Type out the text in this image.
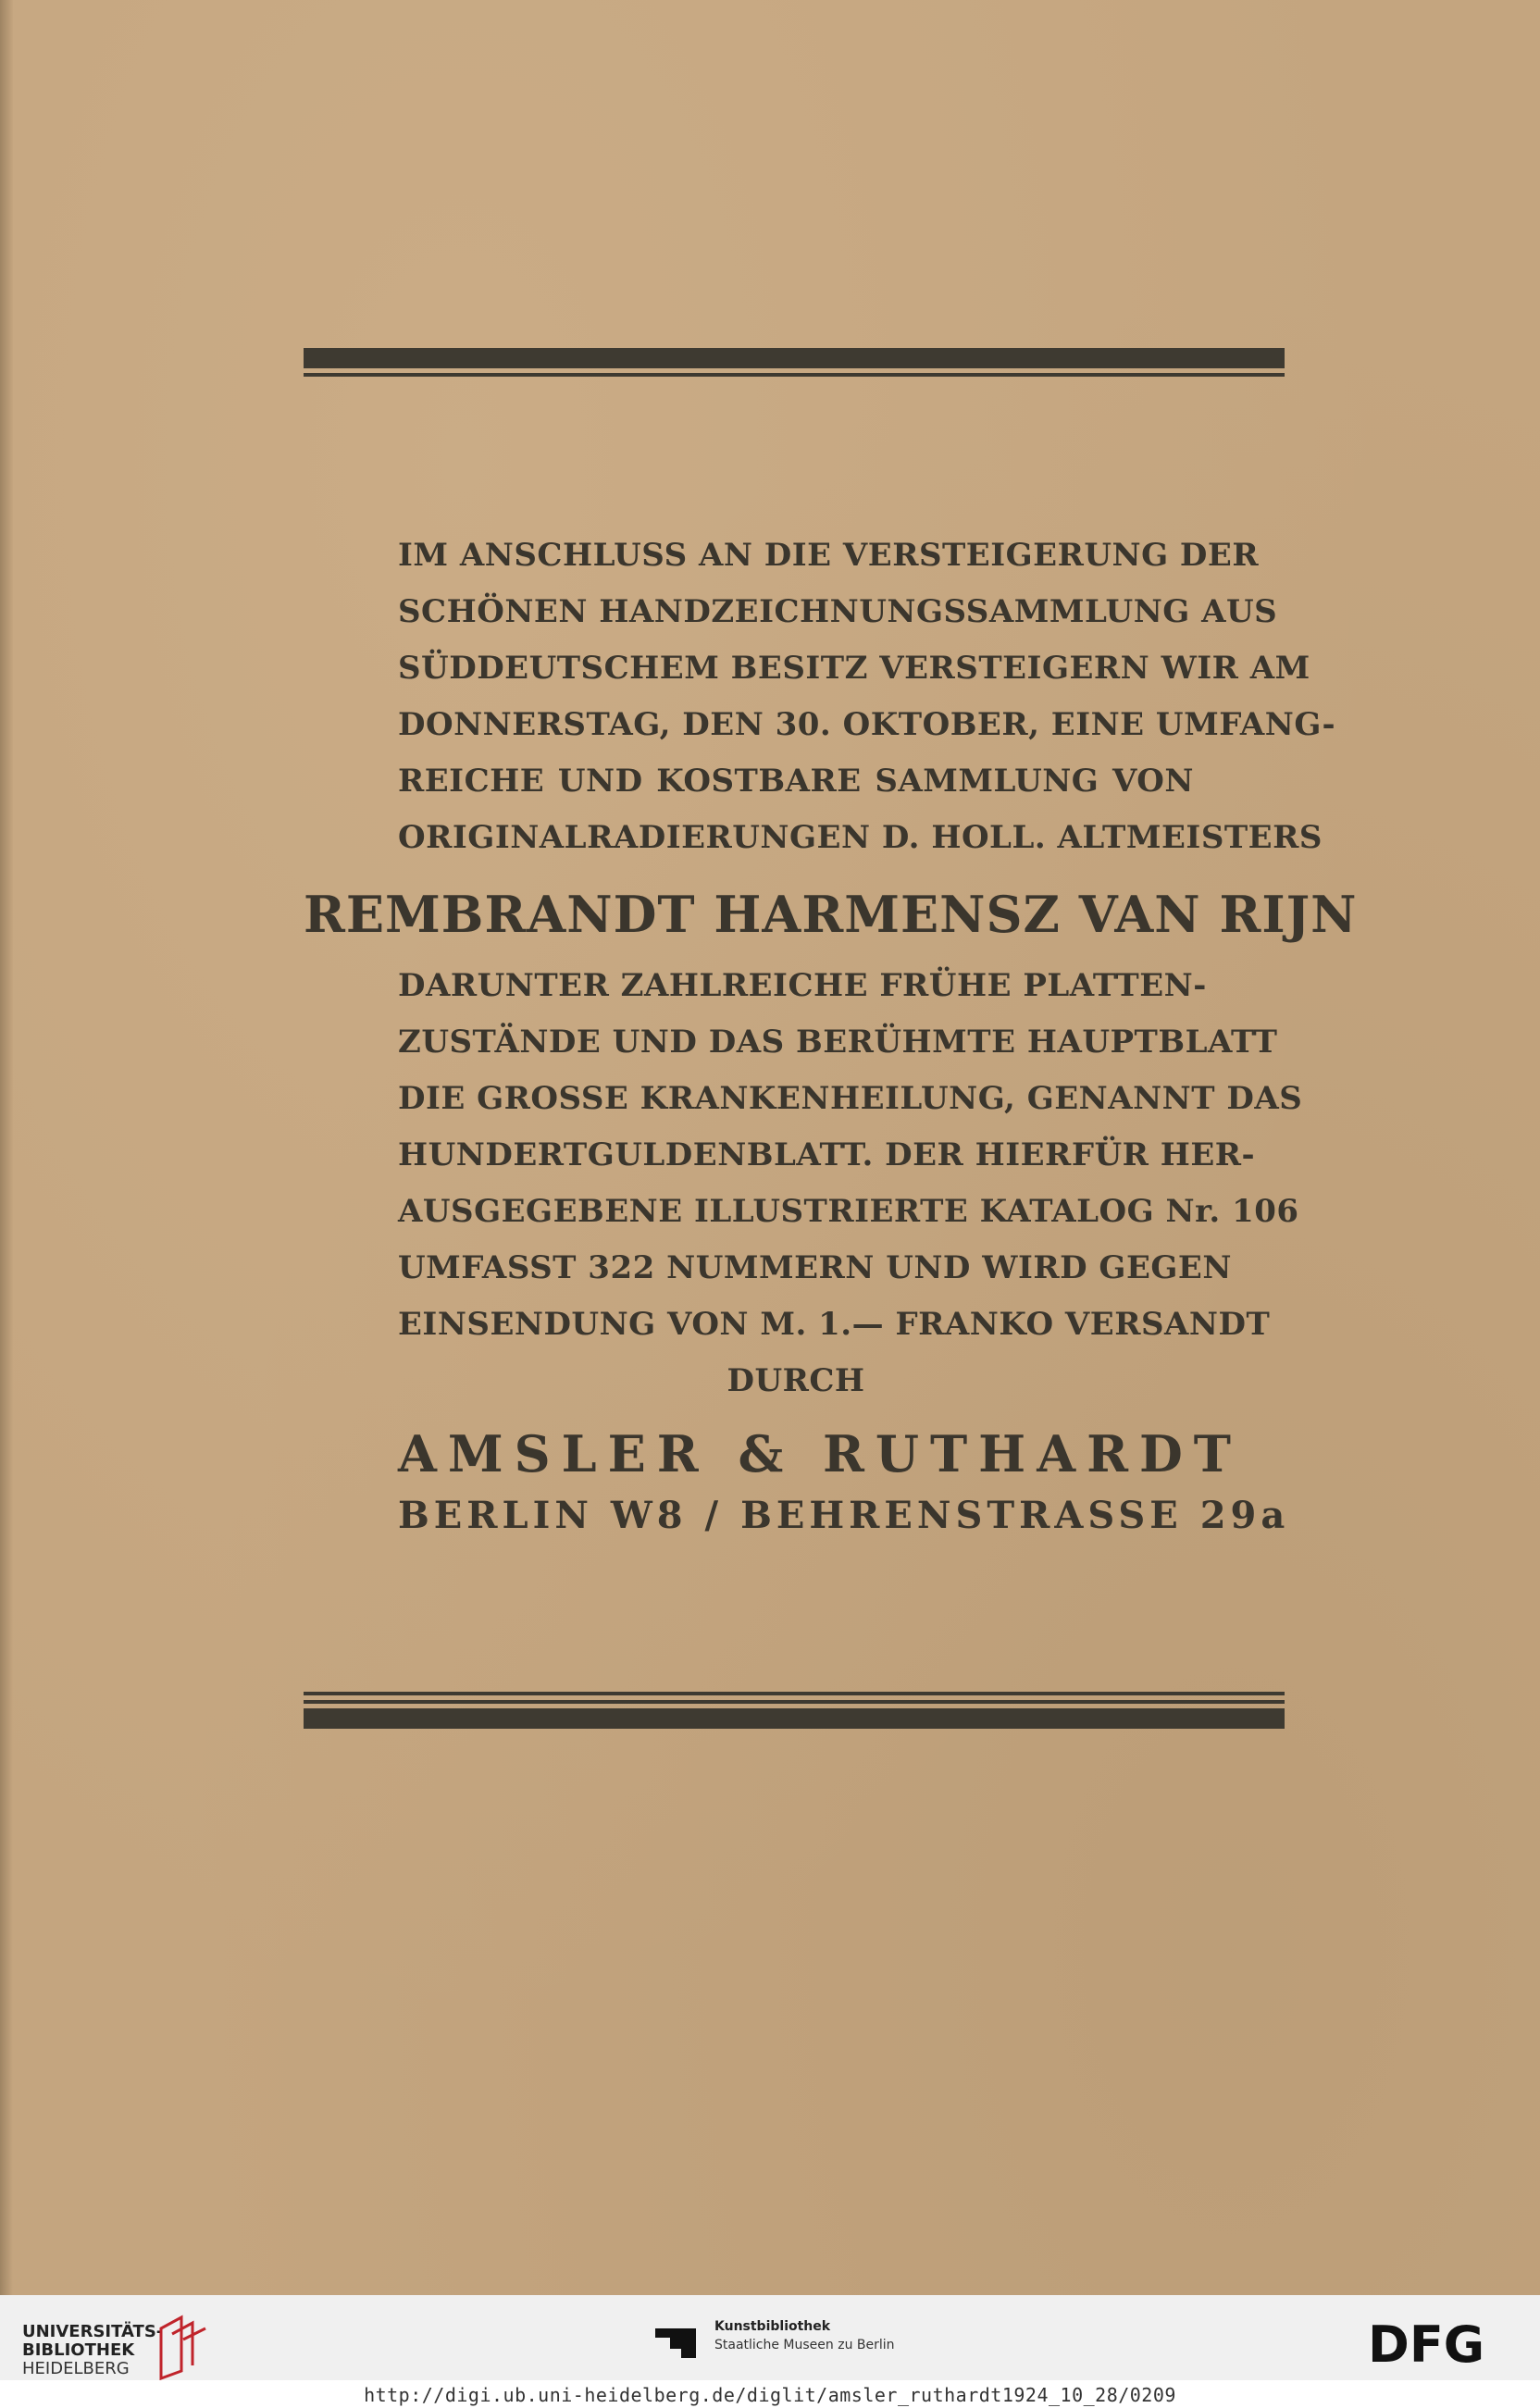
IM ANSCHLUSS AN DIE VERSTEIGERUNG DER
SCHÖNEN HANDZEICHNUNGSSAMMLUNG AUS
SÜDDEUTSCHEM BESITZ VERSTEIGERN WIR AM
DONNERSTAG, DEN 30. OKTOBER, EINE UMFANG-
REICHE UND KOSTBARE SAMMLUNG VON
ORIGINALRADIERUNGEN D. HOLL. ALTMEISTERS
REMBRANDT HARMENSZ VAN RIJN
DARUNTER ZAHLREICHE FRÜHE PLATTEN-
ZUSTÄNDE UND DAS BERÜHMTE HAUPTBLATT
DIE GROSSE KRANKENHEILUNG, GENANNT DAS
HUNDERTGULDENBLATT. DER HIERFÜR HER-
AUSGEGEBENE ILLUSTRIERTE KATALOG Nr. 106
UMFASST 322 NUMMERN UND WIRD GEGEN
EINSENDUNG VON M. 1.— FRANKO VERSANDT
DURCH
AMSLER & RUTHARDT
BERLIN W8 / BEHRENSTRASSE 29a
UNIVERSITÄTS-
BIBLIOTHEK
HEIDELBERG
Kunstbibliothek
Staatliche Museen zu Berlin	DFG
http://digi.ub.uni-heidelberg.de/diglit/amsler_ruthardt1924_10_28/0209
